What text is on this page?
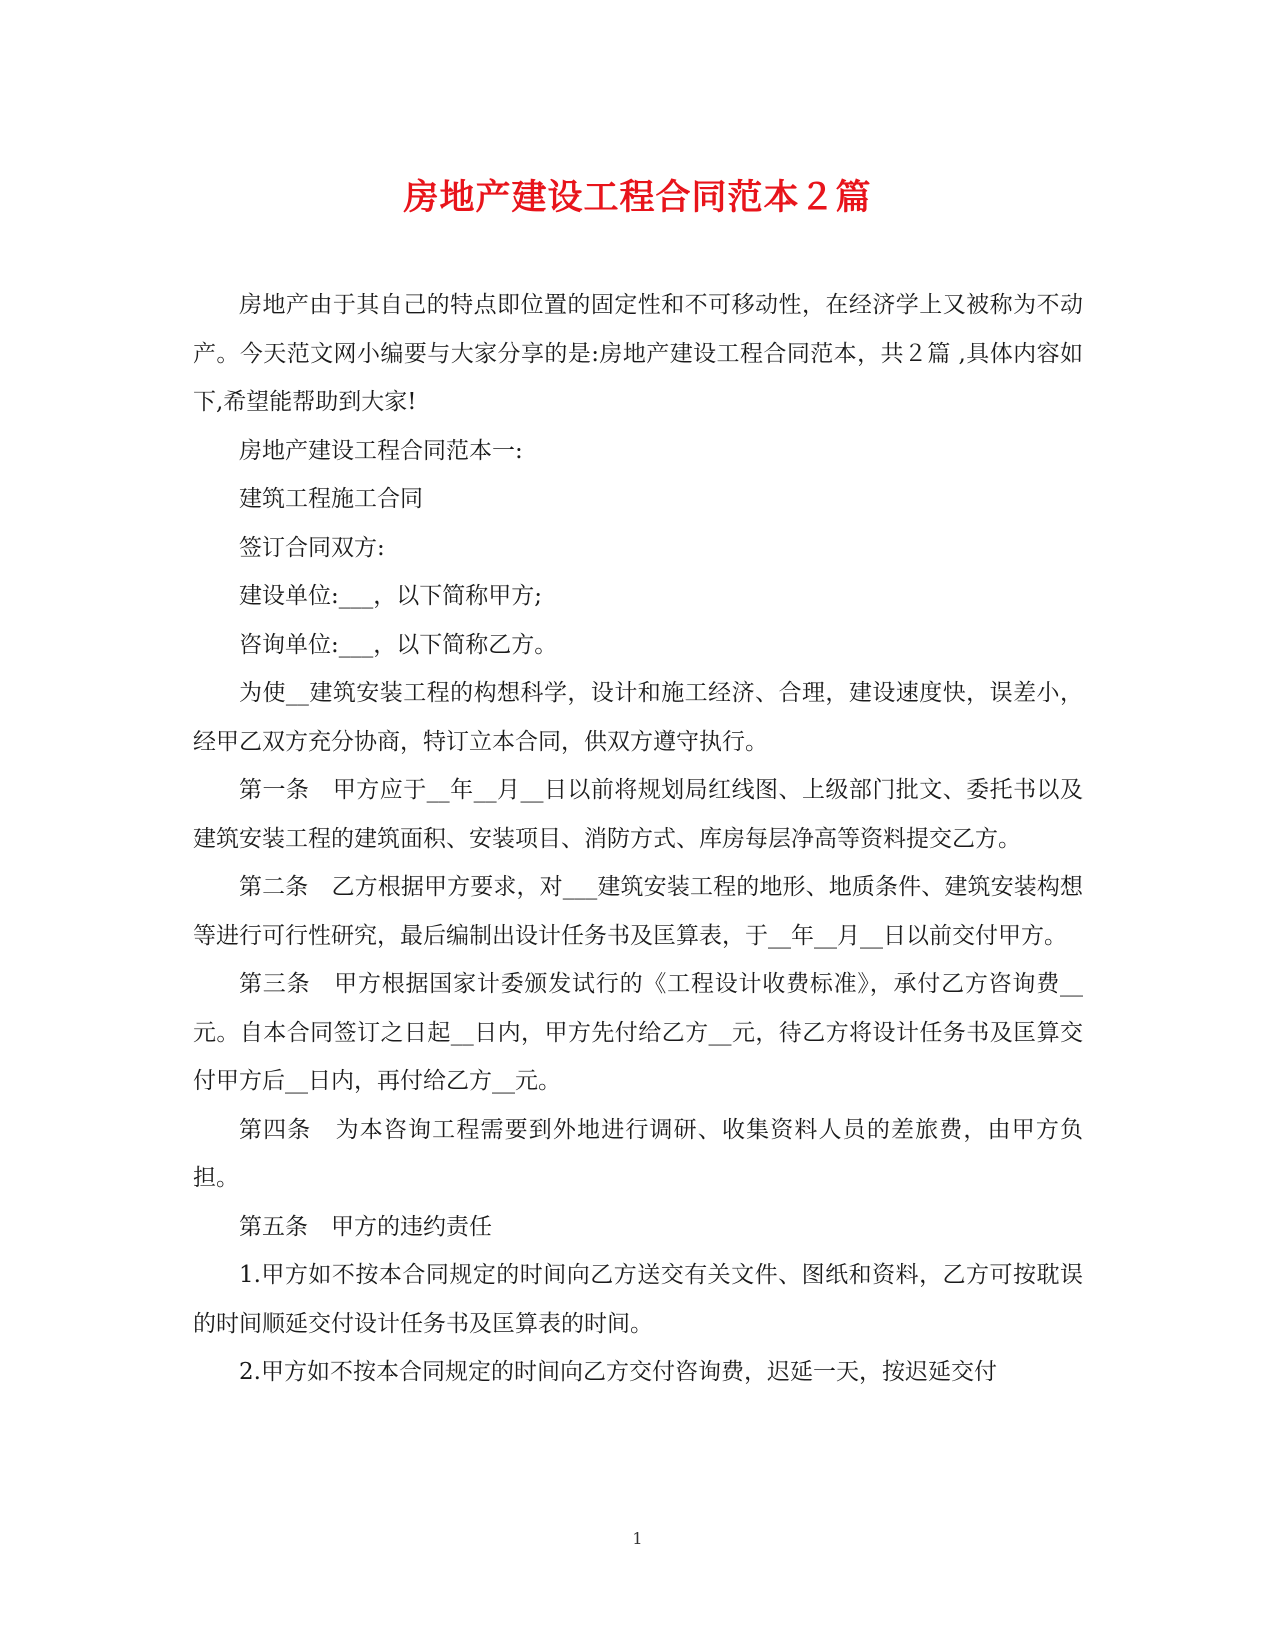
房地产建设工程合同范本２篇

房地产由于其自己的特点即位置的固定性和不可移动性，在经济学上又被称为不动产。今天范文网小编要与大家分享的是:房地产建设工程合同范本，共２篇 ,具体内容如下,希望能帮助到大家!

房地产建设工程合同范本一:

建筑工程施工合同

签订合同双方:

建设单位:___，以下简称甲方;

咨询单位:___，以下简称乙方。

为使__建筑安装工程的构想科学，设计和施工经济、合理，建设速度快，误差小，经甲乙双方充分协商，特订立本合同，供双方遵守执行。

第一条　甲方应于__年__月__日以前将规划局红线图、上级部门批文、委托书以及建筑安装工程的建筑面积、安装项目、消防方式、库房每层净高等资料提交乙方。

第二条　乙方根据甲方要求，对___建筑安装工程的地形、地质条件、建筑安装构想等进行可行性研究，最后编制出设计任务书及匡算表，于__年__月__日以前交付甲方。

第三条　甲方根据国家计委颁发试行的《工程设计收费标准》，承付乙方咨询费__元。自本合同签订之日起__日内，甲方先付给乙方__元，待乙方将设计任务书及匡算交付甲方后__日内，再付给乙方__元。

第四条　为本咨询工程需要到外地进行调研、收集资料人员的差旅费，由甲方负担。

第五条　甲方的违约责任

1.甲方如不按本合同规定的时间向乙方送交有关文件、图纸和资料，乙方可按耽误的时间顺延交付设计任务书及匡算表的时间。

2.甲方如不按本合同规定的时间向乙方交付咨询费，迟延一天，按迟延交付

1
